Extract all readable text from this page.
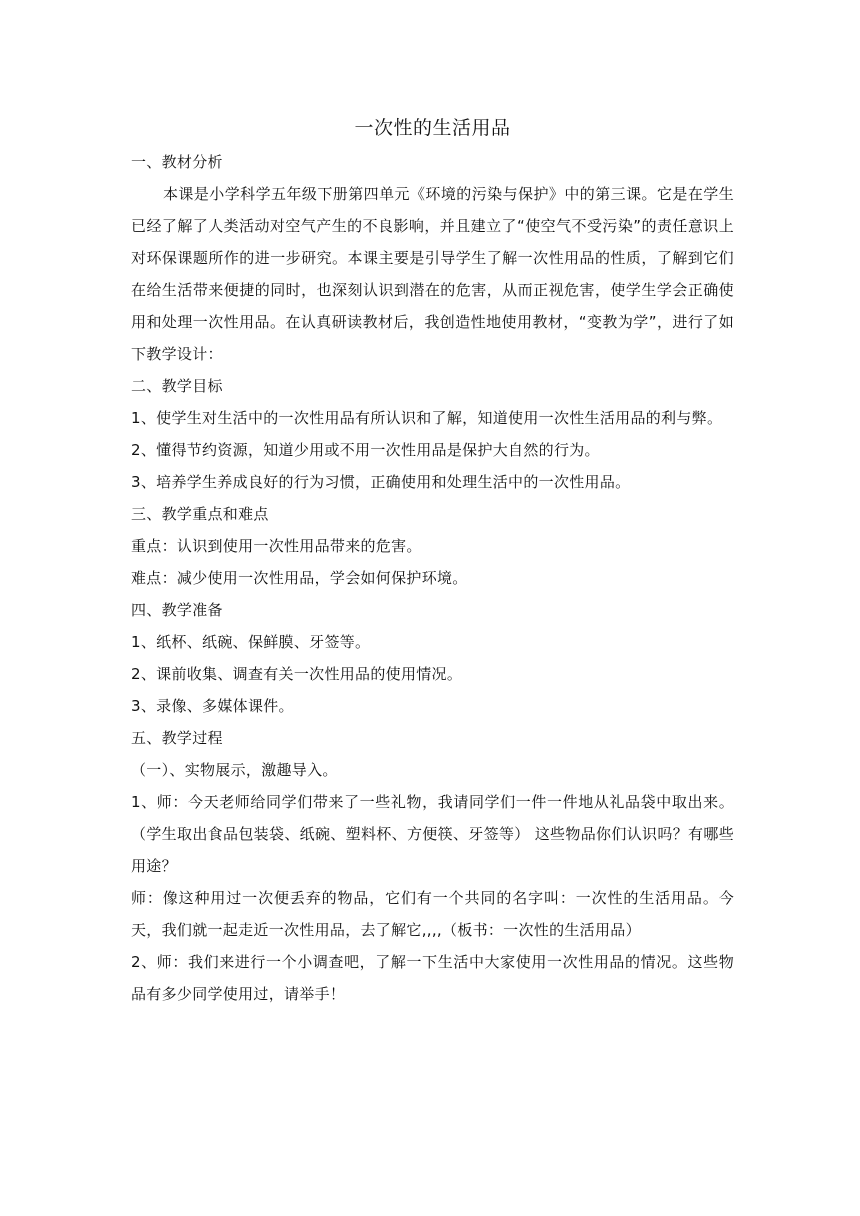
一次性的生活用品

一、教材分析

本课是小学科学五年级下册第四单元《环境的污染与保护》中的第三课。它是在学生已经了解了人类活动对空气产生的不良影响，并且建立了“使空气不受污染”的责任意识上对环保课题所作的进一步研究。本课主要是引导学生了解一次性用品的性质，了解到它们在给生活带来便捷的同时，也深刻认识到潜在的危害，从而正视危害，使学生学会正确使用和处理一次性用品。在认真研读教材后，我创造性地使用教材，“变教为学”，进行了如下教学设计：

二、教学目标

1、使学生对生活中的一次性用品有所认识和了解，知道使用一次性生活用品的利与弊。

2、懂得节约资源，知道少用或不用一次性用品是保护大自然的行为。

3、培养学生养成良好的行为习惯，正确使用和处理生活中的一次性用品。

三、教学重点和难点

重点：认识到使用一次性用品带来的危害。

难点：减少使用一次性用品，学会如何保护环境。

四、教学准备

1、纸杯、纸碗、保鲜膜、牙签等。

2、课前收集、调查有关一次性用品的使用情况。

3、录像、多媒体课件。

五、教学过程

（一）、实物展示，激趣导入。

1、师：今天老师给同学们带来了一些礼物，我请同学们一件一件地从礼品袋中取出来。（学生取出食品包装袋、纸碗、塑料杯、方便筷、牙签等） 这些物品你们认识吗？有哪些用途？

师：像这种用过一次便丢弃的物品，它们有一个共同的名字叫：一次性的生活用品。今天，我们就一起走近一次性用品，去了解它,,,,（板书：一次性的生活用品）

2、师：我们来进行一个小调查吧，了解一下生活中大家使用一次性用品的情况。这些物品有多少同学使用过，请举手！
